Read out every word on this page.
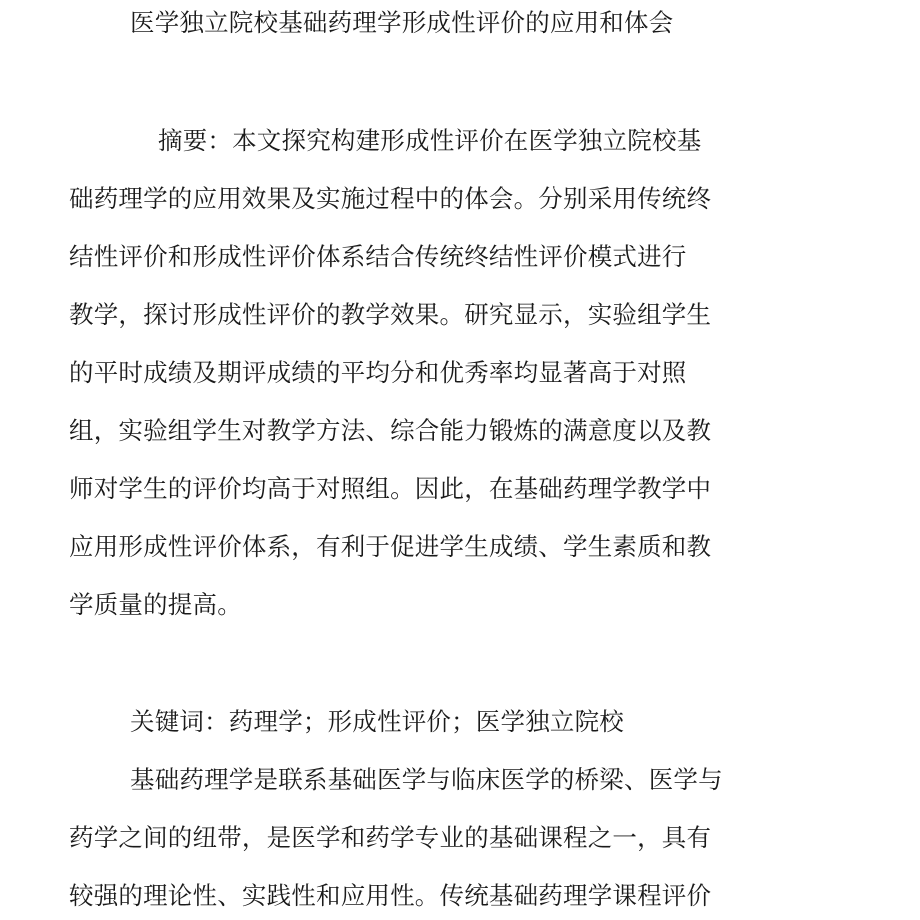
医学独立院校基础药理学形成性评价的应用和体会
摘要：本文探究构建形成性评价在医学独立院校基
础药理学的应用效果及实施过程中的体会。分别采用传统终
结性评价和形成性评价体系结合传统终结性评价模式进行
教学，探讨形成性评价的教学效果。研究显示，实验组学生
的平时成绩及期评成绩的平均分和优秀率均显著高于对照
组，实验组学生对教学方法、综合能力锻炼的满意度以及教
师对学生的评价均高于对照组。因此，在基础药理学教学中
应用形成性评价体系，有利于促进学生成绩、学生素质和教
学质量的提高。
关键词：药理学；形成性评价；医学独立院校
基础药理学是联系基础医学与临床医学的桥梁、医学与
药学之间的纽带，是医学和药学专业的基础课程之一，具有
较强的理论性、实践性和应用性。传统基础药理学课程评价
